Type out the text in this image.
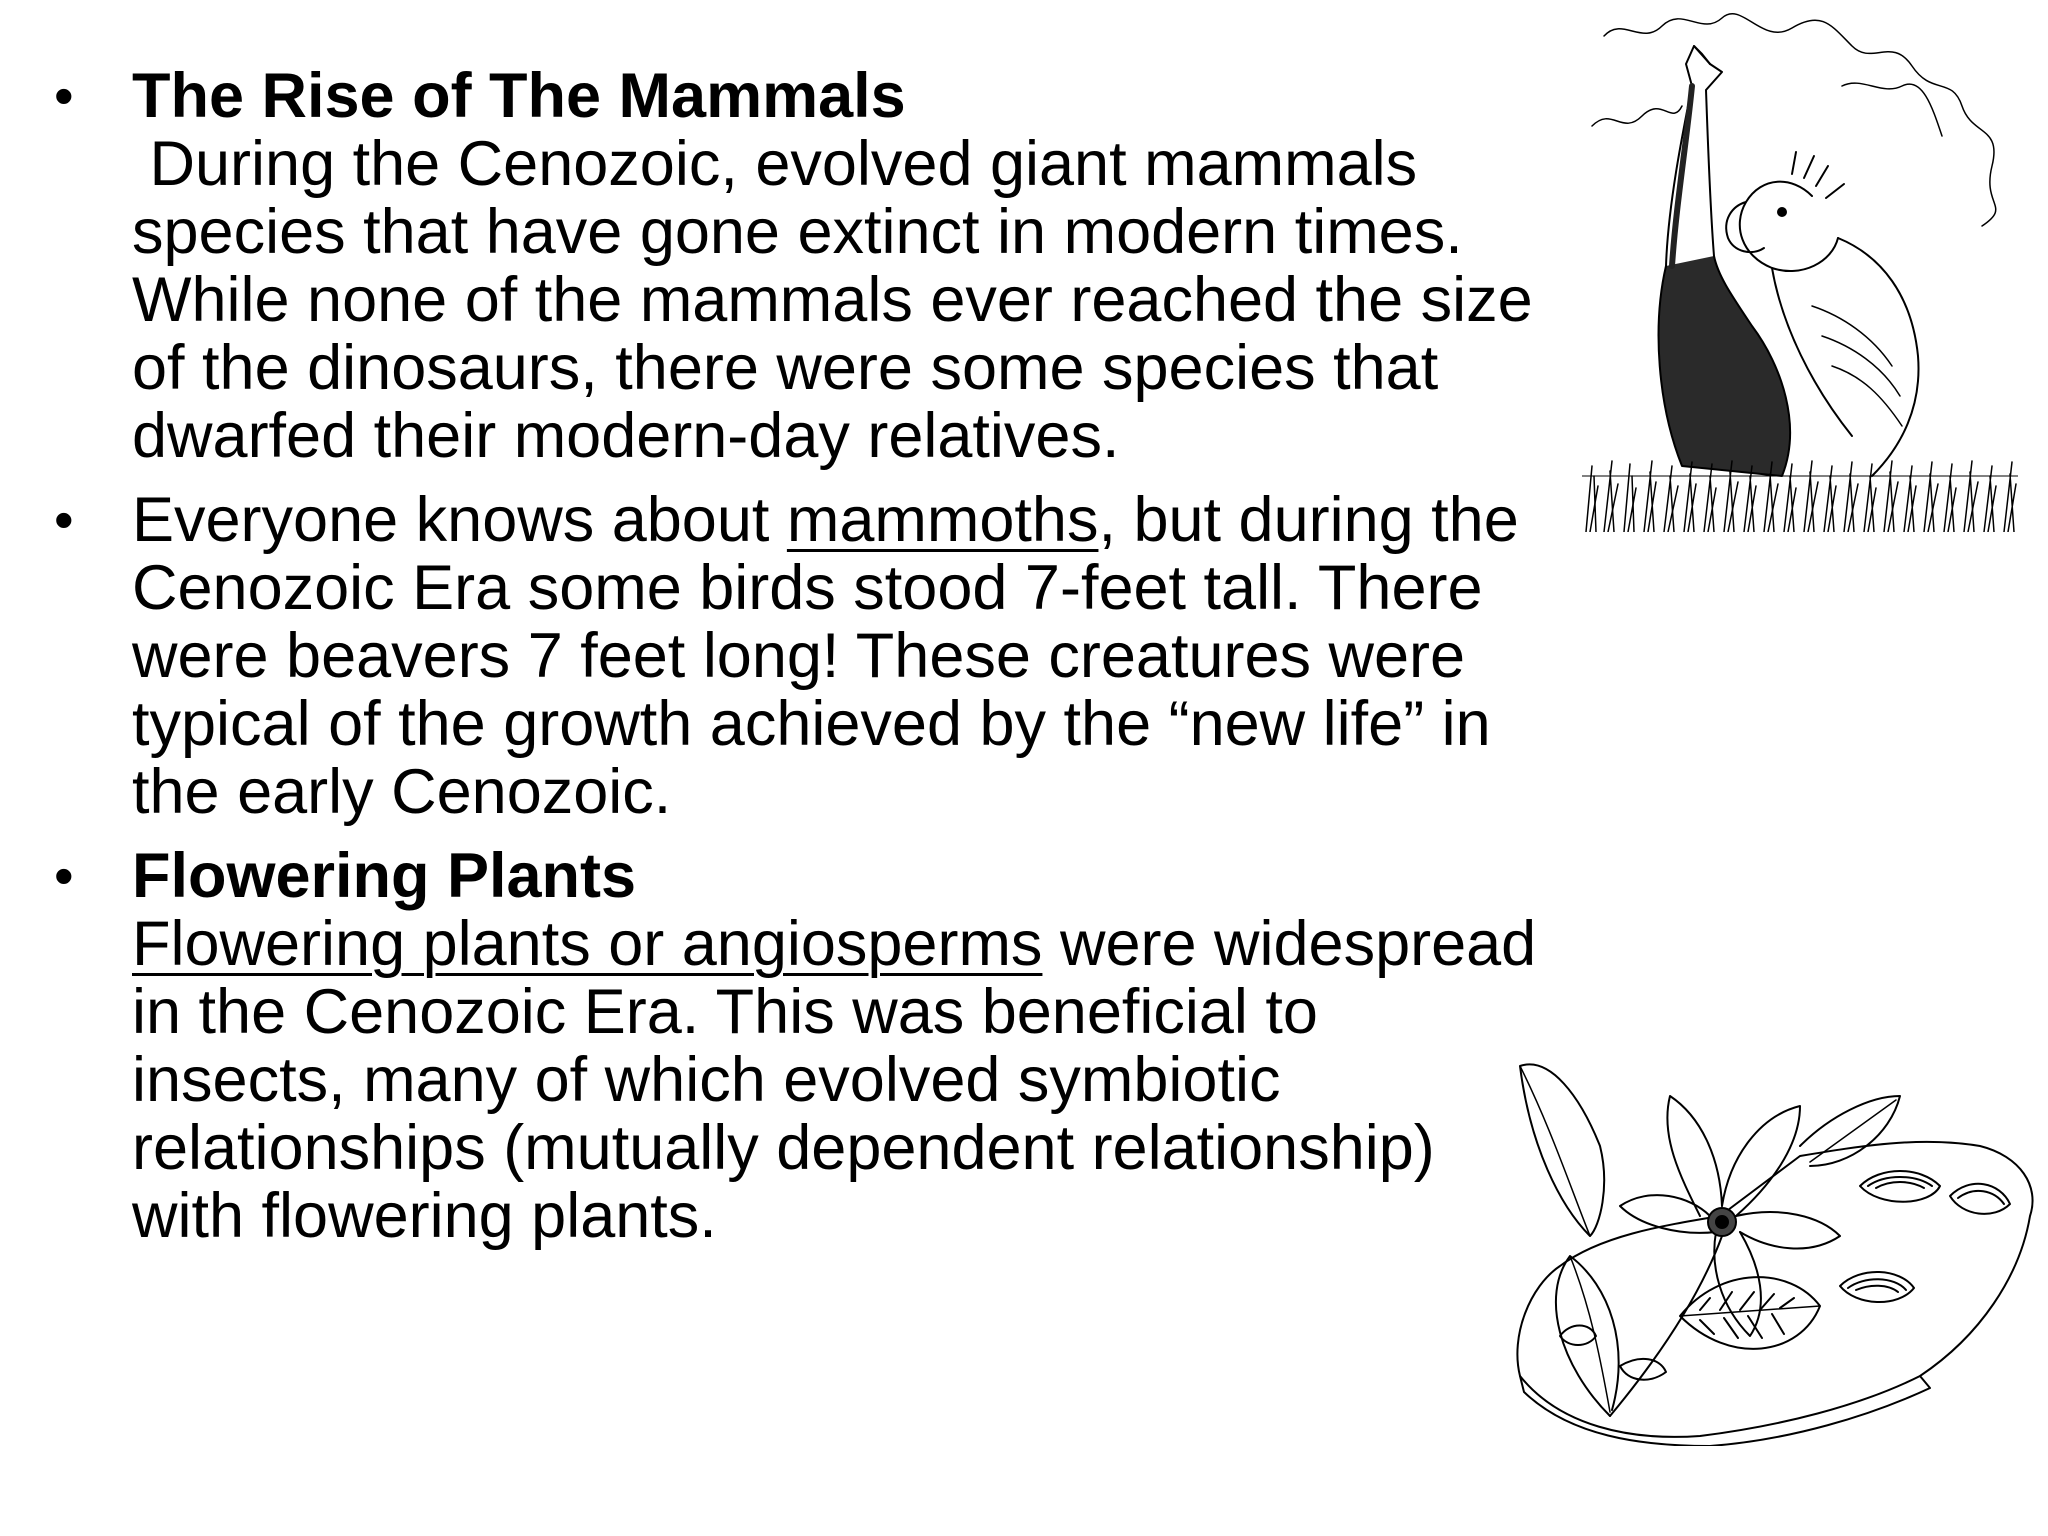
• The Rise of The Mammals
During the Cenozoic, evolved giant mammals species that have gone extinct in modern times. While none of the mammals ever reached the size of the dinosaurs, there were some species that dwarfed their modern-day relatives.
• Everyone knows about mammoths, but during the Cenozoic Era some birds stood 7-feet tall. There were beavers 7 feet long! These creatures were typical of the growth achieved by the “new life” in the early Cenozoic.
• Flowering Plants
Flowering plants or angiosperms were widespread in the Cenozoic Era. This was beneficial to insects, many of which evolved symbiotic relationships (mutually dependent relationship) with flowering plants.
